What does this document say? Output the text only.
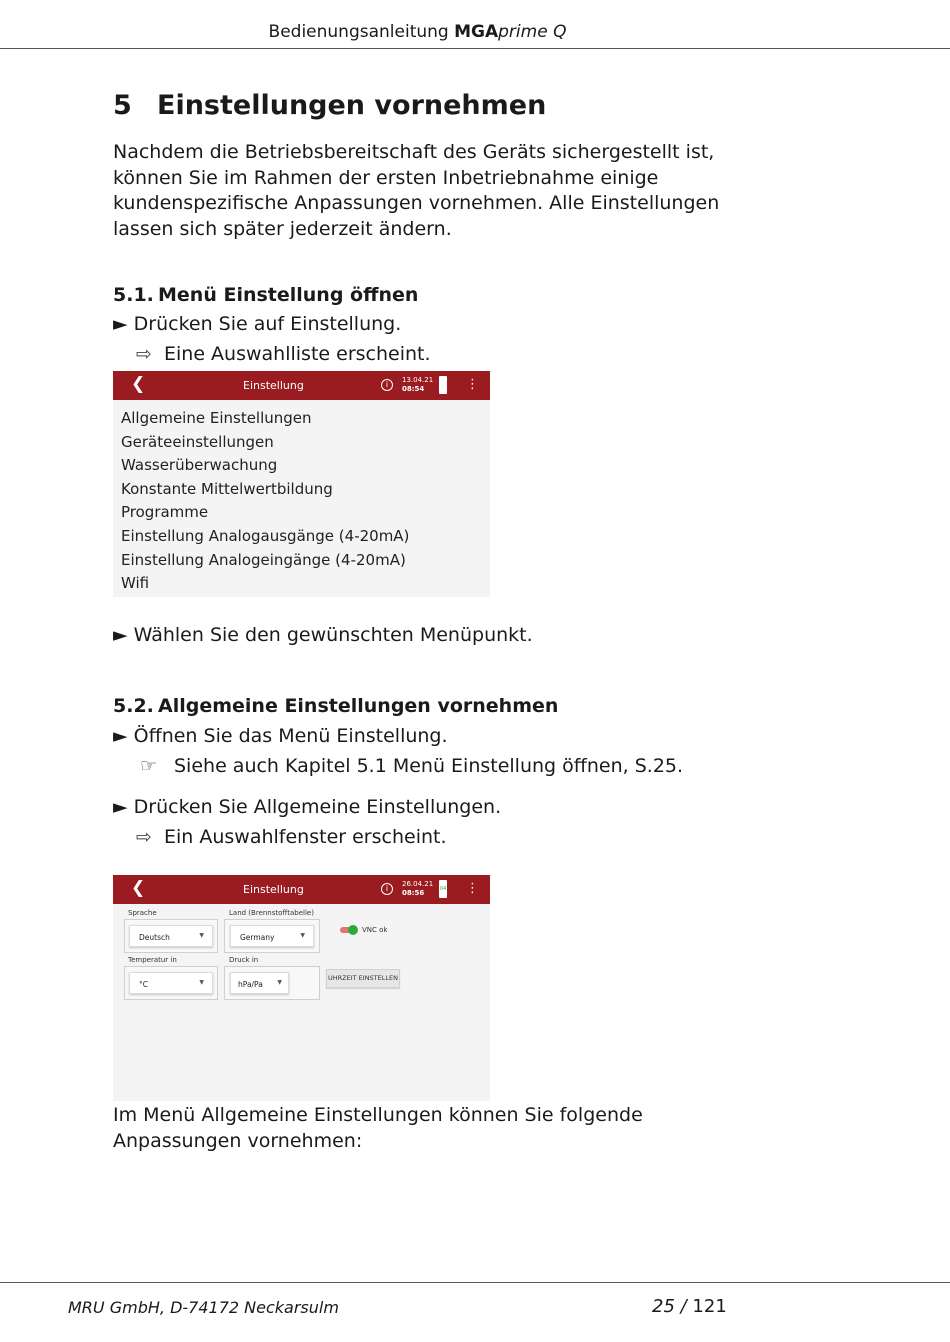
Bedienungsanleitung MGAprime Q
5 Einstellungen vornehmen

Nachdem die Betriebsbereitschaft des Geräts sichergestellt ist, können Sie im Rahmen der ersten Inbetriebnahme einige kundenspezifische Anpassungen vornehmen. Alle Einstellungen lassen sich später jederzeit ändern.

5.1. Menü Einstellung öffnen
► Drücken Sie auf Einstellung.
⇨ Eine Auswahlliste erscheint.
❮	Einstellung	i	13.04.21
08:54	⋮
Allgemeine Einstellungen
Geräteeinstellungen
Wasserüberwachung
Konstante Mittelwertbildung
Programme
Einstellung Analogausgänge (4-20mA)
Einstellung Analogeingänge (4-20mA)
Wifi
► Wählen Sie den gewünschten Menüpunkt.
5.2. Allgemeine Einstellungen vornehmen
► Öffnen Sie das Menü Einstellung.
☞ Siehe auch Kapitel 5.1 Menü Einstellung öffnen, S.25.
► Drücken Sie Allgemeine Einstellungen.
⇨ Ein Auswahlfenster erscheint.
❮	Einstellung	i	26.04.21
08:56	04 ⋮
Sprache
Deutsch	▼
Land (Brennstofftabelle)
Germany	▼
VNC ok
Temperatur in
°C	▼
Druck in
hPa/Pa ▼
UHRZEIT EINSTELLEN

Im Menü Allgemeine Einstellungen können Sie folgende Anpassungen vornehmen:

MRU GmbH, D-74172 Neckarsulm	25 / 121
